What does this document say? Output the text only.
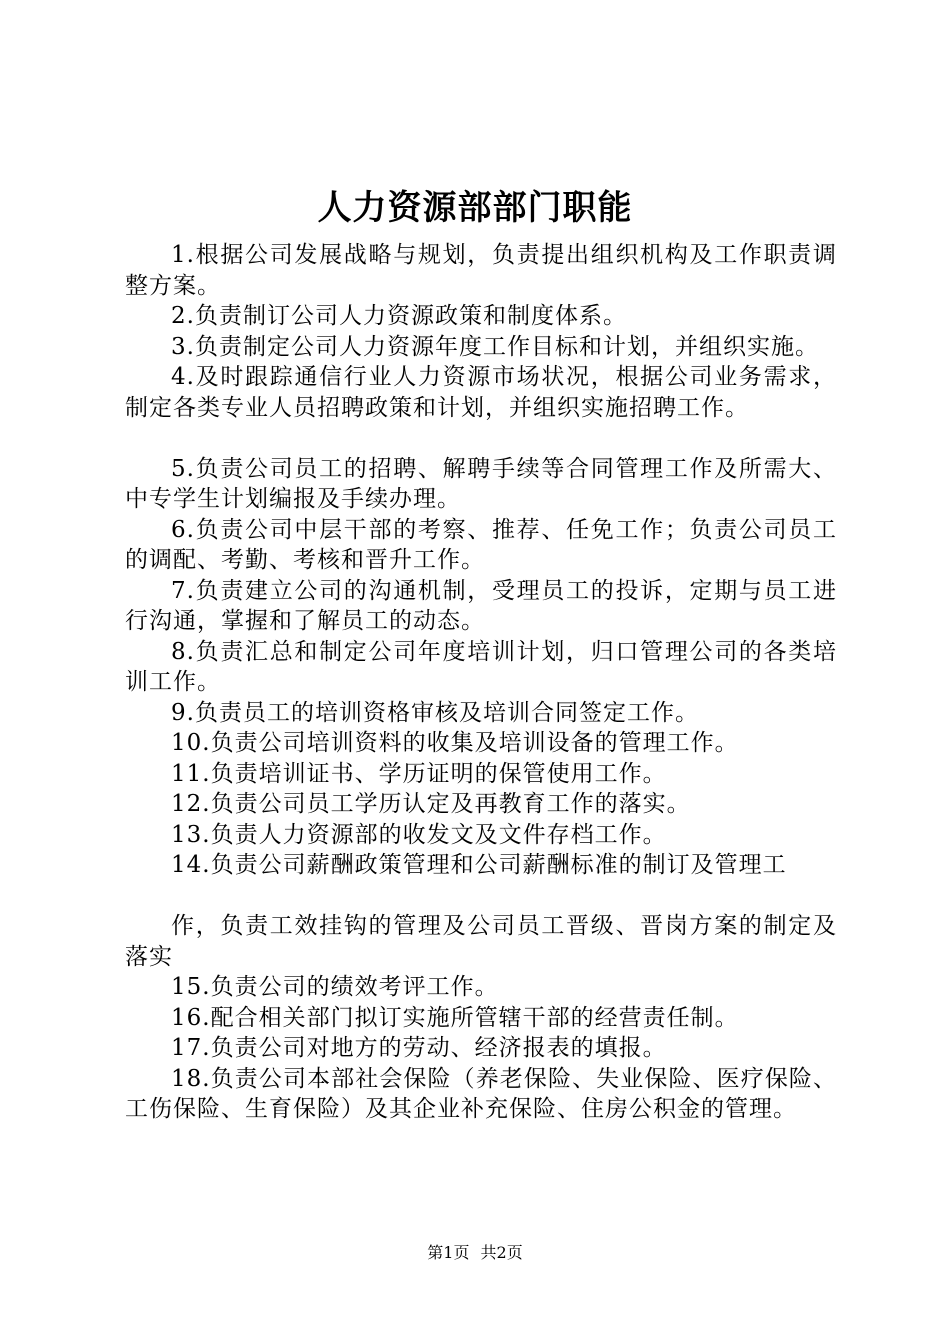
人力资源部部门职能

1.根据公司发展战略与规划，负责提出组织机构及工作职责调整方案。

2.负责制订公司人力资源政策和制度体系。

3.负责制定公司人力资源年度工作目标和计划，并组织实施。

4.及时跟踪通信行业人力资源市场状况，根据公司业务需求，制定各类专业人员招聘政策和计划，并组织实施招聘工作。

5.负责公司员工的招聘、解聘手续等合同管理工作及所需大、中专学生计划编报及手续办理。

6.负责公司中层干部的考察、推荐、任免工作；负责公司员工的调配、考勤、考核和晋升工作。

7.负责建立公司的沟通机制，受理员工的投诉，定期与员工进行沟通，掌握和了解员工的动态。

8.负责汇总和制定公司年度培训计划，归口管理公司的各类培训工作。

9.负责员工的培训资格审核及培训合同签定工作。

10.负责公司培训资料的收集及培训设备的管理工作。

11.负责培训证书、学历证明的保管使用工作。

12.负责公司员工学历认定及再教育工作的落实。

13.负责人力资源部的收发文及文件存档工作。

14.负责公司薪酬政策管理和公司薪酬标准的制订及管理工

作，负责工效挂钩的管理及公司员工晋级、晋岗方案的制定及落实

15.负责公司的绩效考评工作。

16.配合相关部门拟订实施所管辖干部的经营责任制。

17.负责公司对地方的劳动、经济报表的填报。

18.负责公司本部社会保险（养老保险、失业保险、医疗保险、工伤保险、生育保险）及其企业补充保险、住房公积金的管理。

第1页 共2页
